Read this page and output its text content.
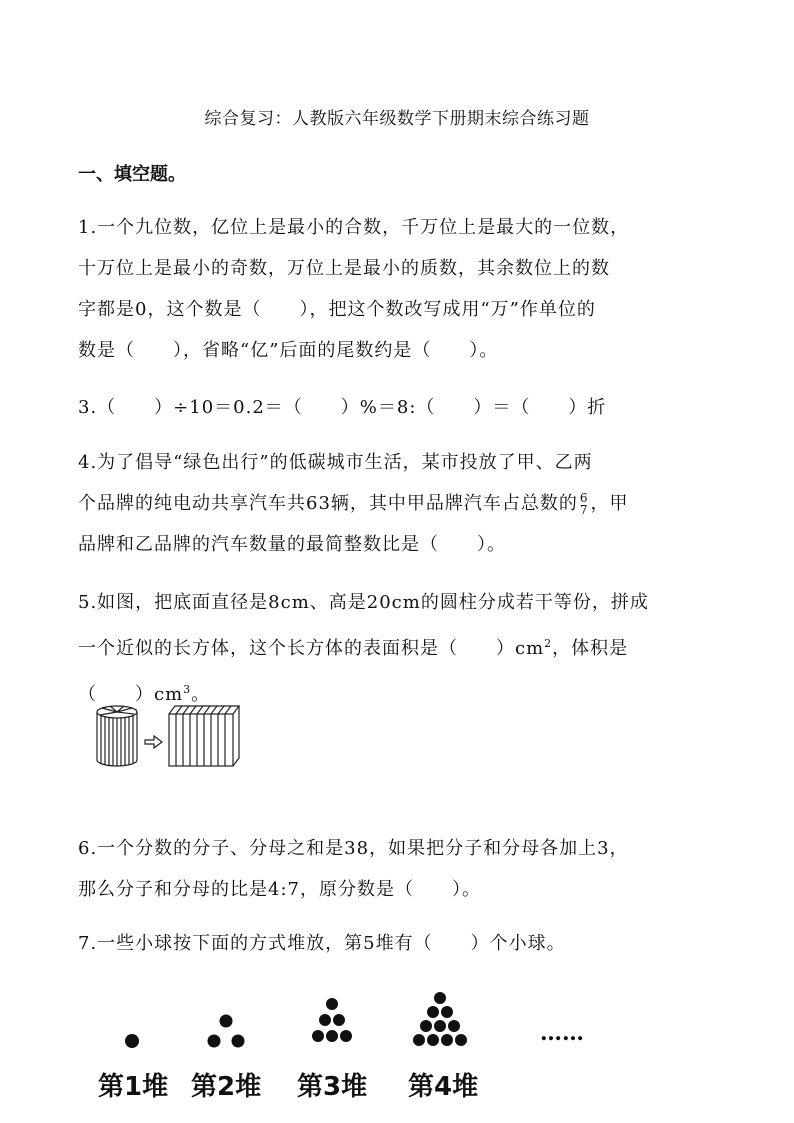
综合复习：人教版六年级数学下册期末综合练习题
一、填空题。
1.一个九位数，亿位上是最小的合数，千万位上是最大的一位数，
十万位上是最小的奇数，万位上是最小的质数，其余数位上的数
字都是0，这个数是（　　），把这个数改写成用“万”作单位的
数是（　　），省略“亿”后面的尾数约是（　　）。
3.（　　）÷10＝0.2＝（　　）%＝8:（　　）＝（　　）折
4.为了倡导“绿色出行”的低碳城市生活，某市投放了甲、乙两
个品牌的纯电动共享汽车共63辆，其中甲品牌汽车占总数的 6
7 ，甲
品牌和乙品牌的汽车数量的最简整数比是（　　）。
5.如图，把底面直径是8cm、高是20cm的圆柱分成若干等份，拼成
一个近似的长方体，这个长方体的表面积是（　　）$cm^2$，体积是
（　　）$cm^3$。
6.一个分数的分子、分母之和是38，如果把分子和分母各加上3，
那么分子和分母的比是4:7，原分数是（　　）。
7.一些小球按下面的方式堆放，第5堆有（　　）个小球。
……
第1堆 第2堆 第3堆 第4堆
